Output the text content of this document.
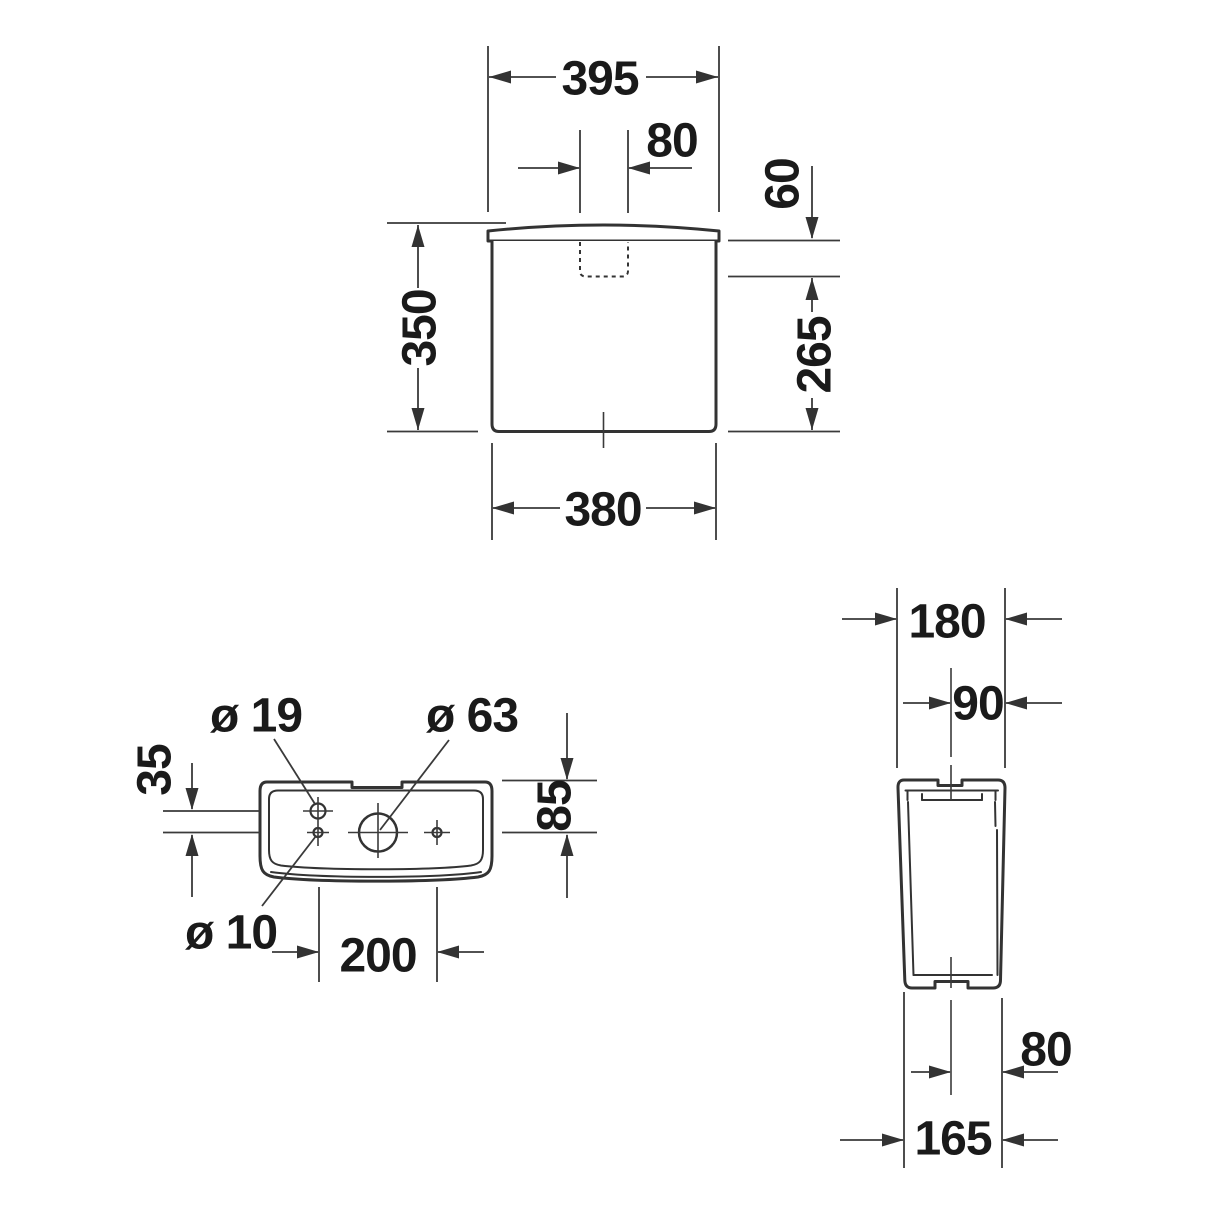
395
80
60
265
350
380
35
85
200
ø 19	ø 63
ø 10
180
90
80
165
